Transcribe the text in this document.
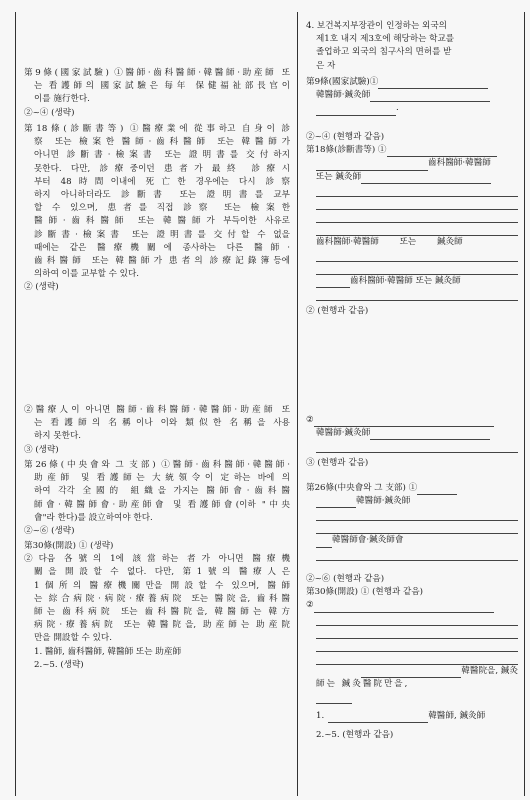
第9條(國家試驗) ①醫師·齒科醫師·韓醫師·助産師 또
는 看護師의 國家試驗은 每年 保健福祉部長官이
이를 施行한다.
②~④ (생략)
第18條(診斷書等) ①醫療業에 從事하고 自身이 診
察 또는 檢案한 醫師·齒科醫師 또는 韓醫師가
아니면 診斷書·檢案書 또는 證明書를 交付하지
못한다. 다만, 診療중이던 患者가 最終 診療시
부터 48時間이내에 死亡한 경우에는 다시 診察
하지 아니하더라도 診斷書 또는 證明書를 교부
할 수 있으며, 患者를 직접 診察 또는 檢案한
醫師·齒科醫師 또는 韓醫師가 부득이한 사유로
診斷書·檢案書 또는 證明書를 交付할 수 없을
때에는 같은 醫療機關에 종사하는 다른 醫師·
齒科醫師 또는 韓醫師가 患者의 診療記錄簿등에
의하여 이를 교부할 수 있다.
② (생략)
②醫療人이 아니면 醫師·齒科醫師·韓醫師·助産師 또
는 看護師의 名稱이나 이와 類似한 名稱을 사용
하지 못한다.
③ (생략)
第26條(中央會와 그 支部) ①醫師·齒科醫師·韓醫師·
助産師 및 看護師는 大統領令이 定하는 바에 의
하여 각각 全國的 組織을 가지는 醫師會·齒科醫
師會·韓醫師會·助産師會 및 看護師會(이하 "中央
會"라 한다)를 設立하여야 한다.
②~⑥ (생략)
第30條(開設) ① (생략)
②다음 各號의 1에 該當하는 者가 아니면 醫療機
關을 開設할 수 없다. 다만, 第1號의 醫療人은
1個所의 醫療機關만을 開設할 수 있으며, 醫師
는 綜合病院·病院·療養病院 또는 醫院을, 齒科醫
師는 齒科病院 또는 齒科醫院을, 韓醫師는 韓方
病院·療養病院 또는 韓醫院을, 助産師는 助産院
만을 開設할 수 있다.
1. 醫師, 齒科醫師, 韓醫師 또는 助産師
2.~5. (생략)
4. 보건복지부장관이 인정하는 외국의
제1호 내지 제3호에 해당하는 학교를
졸업하고 외국의 침구사의 면허를 받
은 자
第9條(國家試驗)①
韓醫師·鍼灸師
.
②~④ (현행과 같음)
第18條(診斷書等) ①
齒科醫師·韓醫師
또는 鍼灸師
齒科醫師·韓醫師 또는 鍼灸師
齒科醫師·韓醫師 또는 鍼灸師
② (현행과 같음)
②
韓醫師·鍼灸師
③ (현행과 같음)
第26條(中央會와 그 支部) ①
韓醫師·鍼灸師
韓醫師會·鍼灸師會
②~⑥ (현행과 같음)
第30條(開設) ① (현행과 같음)
②
韓醫院을, 鍼灸
師는 鍼灸醫院만을,
1.	韓醫師, 鍼灸師
2.~5. (현행과 같음)
